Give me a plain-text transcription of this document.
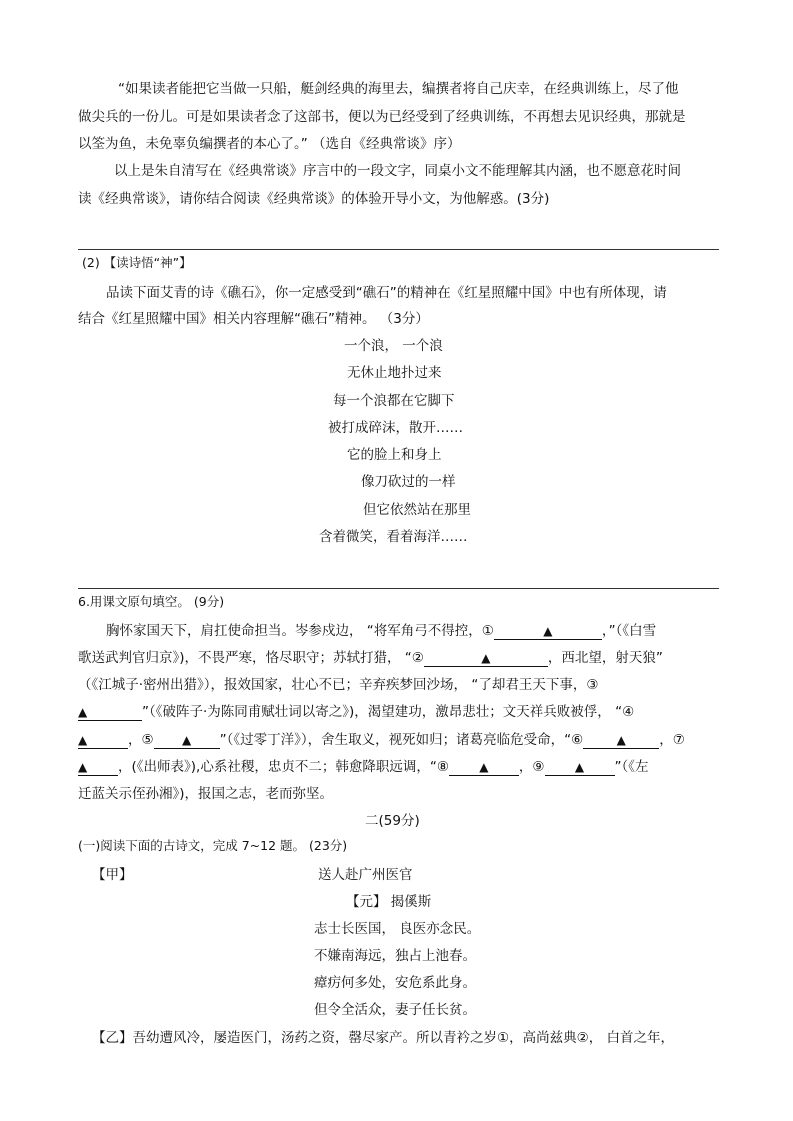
“如果读者能把它当做一只船，艇剑经典的海里去，编撰者将自己庆幸，在经典训练上，尽了他
做尖兵的一份儿。可是如果读者念了这部书，便以为已经受到了经典训练，不再想去见识经典，那就是
以筌为鱼，未免辜负编撰者的本心了。” （选自《经典常谈》序）
以上是朱自清写在《经典常谈》序言中的一段文字，同桌小文不能理解其内涵，也不愿意花时间
读《经典常谈》，请你结合阅读《经典常谈》的体验开导小文，为他解惑。(3分)
(2) 【读诗悟“神”】
品读下面艾青的诗《礁石》，你一定感受到“礁石”的精神在《红星照耀中国》中也有所体现，请
结合《红星照耀中国》相关内容理解“礁石”精神。 （3分）
一个浪， 一个浪
无休止地扑过来
每一个浪都在它脚下
被打成碎沫，散开……
它的脸上和身上
像刀砍过的一样
但它依然站在那里
含着微笑，看着海洋……
6.用课文原句填空。 (9分)
胸怀家国天下，肩扛使命担当。岑参戍边， “将军角弓不得控，①	▲	，”（《白雪
歌送武判官归京》)，不畏严寒，恪尽职守；苏轼打猎， “②	▲	，西北望，射天狼”
（《江城子·密州出猎》），报效国家，壮心不已；辛弃疾梦回沙场， “了却君王天下事，③
▲	”（《破阵子·为陈同甫赋壮词以寄之》)，渴望建功，激昂悲壮；文天祥兵败被俘， “④
▲	，⑤ ▲ ”（《过零丁洋》），舍生取义，视死如归；诸葛亮临危受命，“⑥	▲ ，⑦
▲ ，(《出师表》),心系社稷，忠贞不二；韩愈降职远调，“⑧	▲ ，⑨	▲ ”（《左
迁蓝关示侄孙湘》)，报国之志，老而弥坚。
二(59分)
(一)阅读下面的古诗文，完成 7~12 题。 (23分)
【甲】	送人赴广州医官
【元】 揭傒斯
志士长医国， 良医亦念民。
不嫌南海远，独占上池春。
瘴疠何多处，安危系此身。
但令全活众，妻子任长贫。
【乙】吾幼遭风冷，屡造医门，汤药之资，罄尽家产。所以青衿之岁①，高尚兹典②， 白首之年，
